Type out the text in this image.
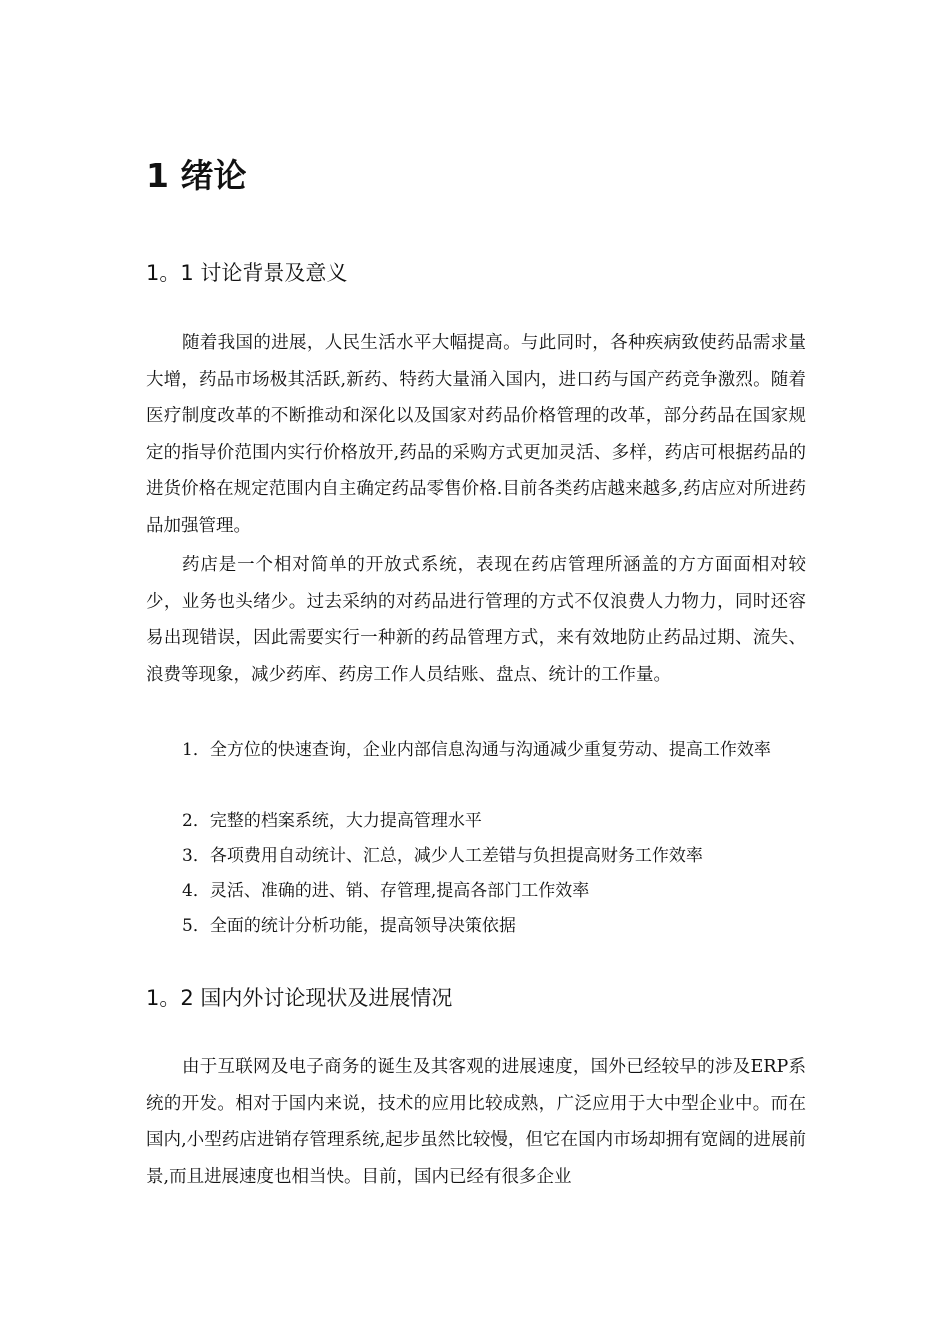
1 绪论
1。1 讨论背景及意义

随着我国的进展，人民生活水平大幅提高。与此同时，各种疾病致使药品需求量大增，药品市场极其活跃,新药、特药大量涌入国内，进口药与国产药竞争激烈。随着医疗制度改革的不断推动和深化以及国家对药品价格管理的改革，部分药品在国家规定的指导价范围内实行价格放开,药品的采购方式更加灵活、多样，药店可根据药品的进货价格在规定范围内自主确定药品零售价格.目前各类药店越来越多,药店应对所进药品加强管理。

药店是一个相对简单的开放式系统，表现在药店管理所涵盖的方方面面相对较少，业务也头绪少。过去采纳的对药品进行管理的方式不仅浪费人力物力，同时还容易出现错误，因此需要实行一种新的药品管理方式，来有效地防止药品过期、流失、浪费等现象，减少药库、药房工作人员结账、盘点、统计的工作量。

1．全方位的快速查询，企业内部信息沟通与沟通减少重复劳动、提高工作效率

2．完整的档案系统，大力提高管理水平

3．各项费用自动统计、汇总，减少人工差错与负担提高财务工作效率

4．灵活、准确的进、销、存管理,提高各部门工作效率

5．全面的统计分析功能，提高领导决策依据

1。2 国内外讨论现状及进展情况

由于互联网及电子商务的诞生及其客观的进展速度，国外已经较早的涉及ERP系统的开发。相对于国内来说，技术的应用比较成熟，广泛应用于大中型企业中。而在国内,小型药店进销存管理系统,起步虽然比较慢，但它在国内市场却拥有宽阔的进展前景,而且进展速度也相当快。目前，国内已经有很多企业
